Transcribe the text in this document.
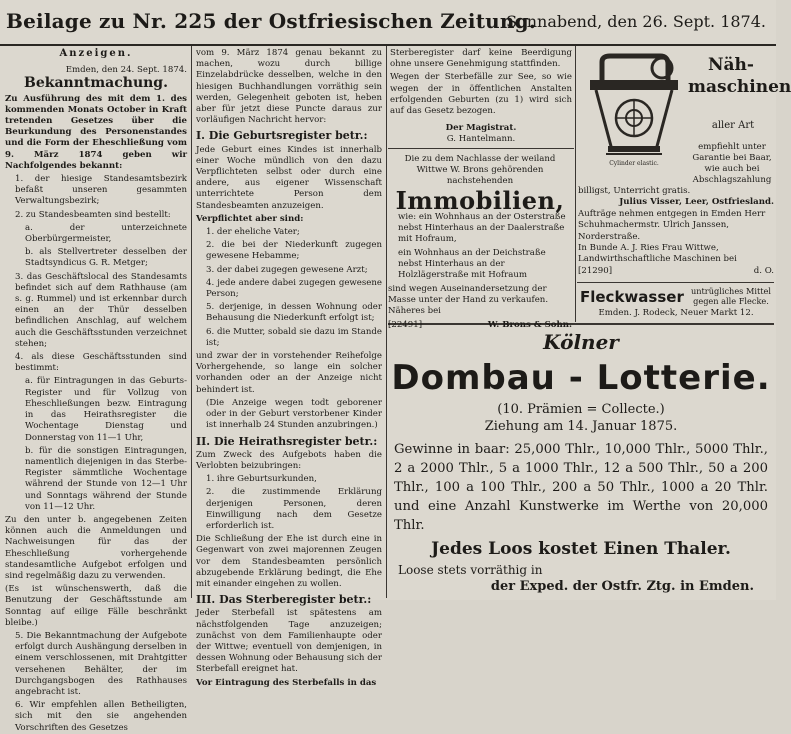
Beilage zu Nr. 225 der Ostfriesischen Zeitung.
Sonnabend, den 26. Sept. 1874.
Anzeigen.
Emden, den 24. Sept. 1874.
Bekanntmachung.

Zu Ausführung des mit dem 1. des kommenden Monats October in Kraft tretenden Gesetzes über die Beurkundung des Personenstandes und die Form der Eheschließung vom 9. März 1874 geben wir Nachfolgendes bekannt:

1. der hiesige Standesamtsbezirk befaßt unseren gesammten Verwaltungsbezirk;

2. zu Standesbeamten sind bestellt:

a. der unterzeichnete Oberbürgermeister,

b. als Stellvertreter desselben der Stadtsyndicus G. R. Metger;

3. das Geschäftslocal des Standesamts befindet sich auf dem Rathhause (am s. g. Rummel) und ist erkennbar durch einen an der Thür desselben befindlichen Anschlag, auf welchem auch die Geschäftsstunden verzeichnet stehen;

4. als diese Geschäftsstunden sind bestimmt:

a. für Eintragungen in das Geburts-Register und für Vollzug von Eheschließungen bezw. Eintragung in das Heirathsregister die Wochentage Dienstag und Donnerstag von 11—1 Uhr,

b. für die sonstigen Eintragungen, namentlich diejenigen in das Sterbe-Register sämmtliche Wochentage während der Stunde von 12—1 Uhr und Sonntags während der Stunde von 11—12 Uhr.

Zu den unter b. angegebenen Zeiten können auch die Anmeldungen und Nachweisungen für das der Eheschließung vorhergehende standesamtliche Aufgebot erfolgen und sind regelmäßig dazu zu verwenden.

(Es ist wünschenswerth, daß die Benutzung der Geschäftsstunde am Sonntag auf eilige Fälle beschränkt bleibe.)

5. Die Bekanntmachung der Aufgebote erfolgt durch Aushängung derselben in einem verschlossenen, mit Drahtgitter versehenen Behälter, der im Durchgangsbogen des Rathhauses angebracht ist.

6. Wir empfehlen allen Betheiligten, sich mit den sie angehenden Vorschriften des Gesetzes

vom 9. März 1874 genau bekannt zu machen, wozu durch billige Einzelabdrücke desselben, welche in den hiesigen Buchhandlungen vorräthig sein werden, Gelegenheit geboten ist, heben aber für jetzt diese Puncte daraus zur vorläufigen Nachricht hervor:

I. Die Geburtsregister betr.:

Jede Geburt eines Kindes ist innerhalb einer Woche mündlich von den dazu Verpflichteten selbst oder durch eine andere, aus eigener Wissenschaft unterrichtete Person dem Standesbeamten anzuzeigen.

Verpflichtet aber sind:

1. der eheliche Vater;

2. die bei der Niederkunft zugegen gewesene Hebamme;

3. der dabei zugegen gewesene Arzt;

4. jede andere dabei zugegen gewesene Person;

5. derjenige, in dessen Wohnung oder Behausung die Niederkunft erfolgt ist;

6. die Mutter, sobald sie dazu im Stande ist;

und zwar der in vorstehender Reihefolge Vorhergehende, so lange ein solcher vorhanden oder an der Anzeige nicht behindert ist.

(Die Anzeige wegen todt geborener oder in der Geburt verstorbener Kinder ist innerhalb 24 Stunden anzubringen.)

II. Die Heirathsregister betr.:

Zum Zweck des Aufgebots haben die Verlobten beizubringen:

1. ihre Geburtsurkunden,

2. die zustimmende Erklärung derjenigen Personen, deren Einwilligung nach dem Gesetze erforderlich ist.

Die Schließung der Ehe ist durch eine in Gegenwart von zwei majorennen Zeugen vor dem Standesbeamten persönlich abzugebende Erklärung bedingt, die Ehe mit einander eingehen zu wollen.

III. Das Sterberegister betr.:

Jeder Sterbefall ist spätestens am nächstfolgenden Tage anzuzeigen; zunächst von dem Familienhaupte oder der Wittwe; eventuell von demjenigen, in dessen Wohnung oder Behausung sich der Sterbefall ereignet hat.

Vor Eintragung des Sterbefalls in das

Sterberegister darf keine Beerdigung ohne unsere Genehmigung stattfinden.

Wegen der Sterbefälle zur See, so wie wegen der in öffentlichen Anstalten erfolgenden Geburten (zu 1) wird sich auf das Gesetz bezogen.

Der Magistrat.
G. Hantelmann.
Die zu dem Nachlasse der weiland Wittwe W. Brons gehörenden nachstehenden
Immobilien,

wie: ein Wohnhaus an der Osterstraße nebst Hinterhaus an der Daalerstraße mit Hofraum,

ein Wohnhaus an der Deichstraße nebst Hinterhaus an der Holzlägerstraße mit Hofraum

sind wegen Auseinandersetzung der Masse unter der Hand zu verkaufen. Näheres bei

[22491]	W. Brons & Sohn.
Cylinder elastic.
Näh-maschinen
aller Art
empfiehlt unter Garantie bei Baar, wie auch bei Abschlagszahlung

billigst, Unterricht gratis.

Julius Visser, Leer, Ostfriesland.

Aufträge nehmen entgegen in Emden Herr Schuhmachermstr. Ulrich Janssen, Norderstraße.

In Bunde A. J. Ries Frau Wittwe, Landwirthschaftliche Maschinen bei

[21290]	d. O.
Fleckwasser untrügliches Mittel gegen alle Flecke.
Emden. J. Rodeck, Neuer Markt 12.
Kölner
Dombau - Lotterie.
(10. Prämien = Collecte.)
Ziehung am 14. Januar 1875.
Gewinne in baar: 25,000 Thlr., 10,000 Thlr., 5000 Thlr., 2 a 2000 Thlr., 5 a 1000 Thlr., 12 a 500 Thlr., 50 a 200 Thlr., 100 a 100 Thlr., 200 a 50 Thlr., 1000 a 20 Thlr. und eine Anzahl Kunstwerke im Werthe von 20,000 Thlr.
Jedes Loos kostet Einen Thaler.
Loose stets vorräthig in
der Exped. der Ostfr. Ztg. in Emden.
